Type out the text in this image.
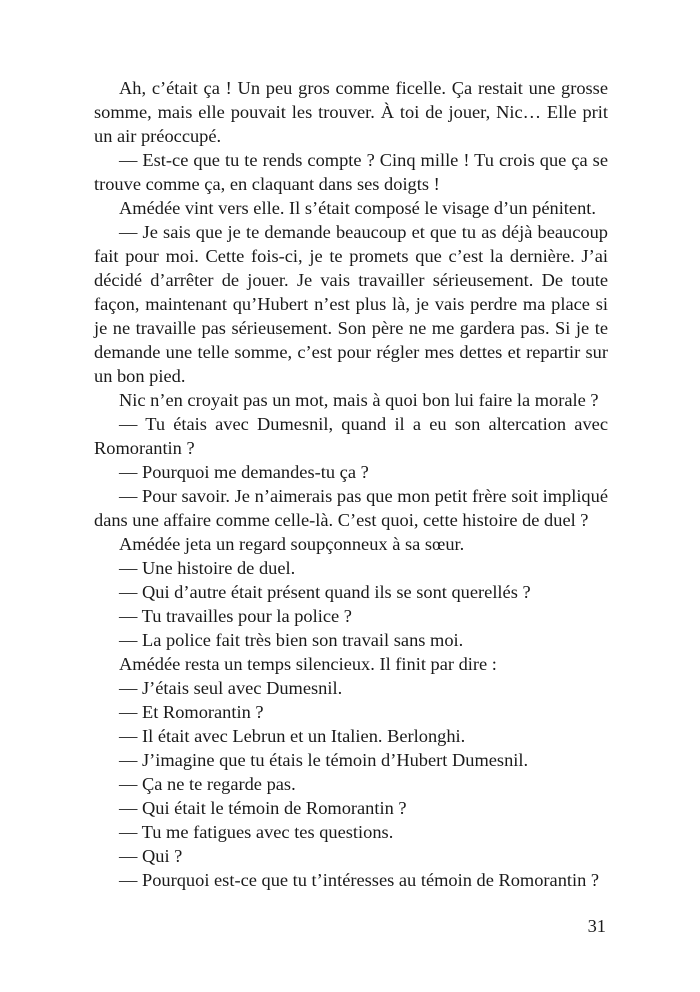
Ah, c’était ça ! Un peu gros comme ficelle. Ça restait une grosse somme, mais elle pouvait les trouver. À toi de jouer, Nic… Elle prit un air préoccupé.

— Est-ce que tu te rends compte ? Cinq mille ! Tu crois que ça se trouve comme ça, en claquant dans ses doigts !

Amédée vint vers elle. Il s’était composé le visage d’un pénitent.

— Je sais que je te demande beaucoup et que tu as déjà beaucoup fait pour moi. Cette fois-ci, je te promets que c’est la dernière. J’ai décidé d’arrêter de jouer. Je vais travailler sérieusement. De toute façon, maintenant qu’Hubert n’est plus là, je vais perdre ma place si je ne travaille pas sérieusement. Son père ne me gardera pas. Si je te demande une telle somme, c’est pour régler mes dettes et repartir sur un bon pied.

Nic n’en croyait pas un mot, mais à quoi bon lui faire la morale ?

— Tu étais avec Dumesnil, quand il a eu son altercation avec Romorantin ?

— Pourquoi me demandes-tu ça ?

— Pour savoir. Je n’aimerais pas que mon petit frère soit impliqué dans une affaire comme celle-là. C’est quoi, cette histoire de duel ?

Amédée jeta un regard soupçonneux à sa sœur.

— Une histoire de duel.

— Qui d’autre était présent quand ils se sont querellés ?

— Tu travailles pour la police ?

— La police fait très bien son travail sans moi.

Amédée resta un temps silencieux. Il finit par dire :

— J’étais seul avec Dumesnil.

— Et Romorantin ?

— Il était avec Lebrun et un Italien. Berlonghi.

— J’imagine que tu étais le témoin d’Hubert Dumesnil.

— Ça ne te regarde pas.

— Qui était le témoin de Romorantin ?

— Tu me fatigues avec tes questions.

— Qui ?

— Pourquoi est-ce que tu t’intéresses au témoin de Romorantin ?

31
